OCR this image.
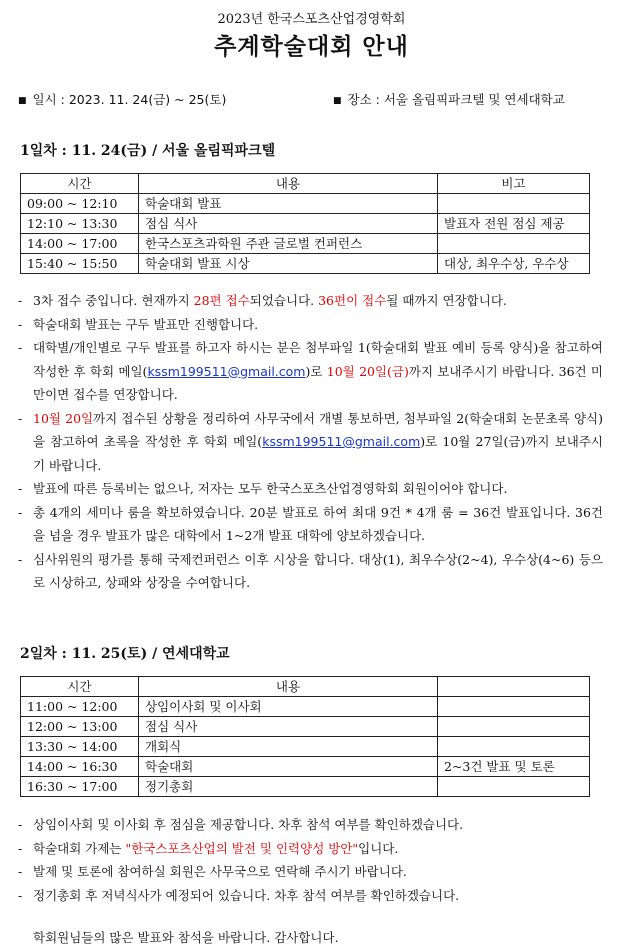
2023년 한국스포츠산업경영학회
추계학술대회 안내
■ 일시 : 2023. 11. 24(금) ~ 25(토)	■ 장소 : 서울 올림픽파크텔 및 연세대학교
1일차 : 11. 24(금) / 서울 올림픽파크텔
시간	내용	비고
09:00 ~ 12:10	학술대회 발표	
12:10 ~ 13:30	점심 식사	발표자 전원 점심 제공
14:00 ~ 17:00	한국스포츠과학원 주관 글로벌 컨퍼런스	
15:40 ~ 15:50	학술대회 발표 시상	대상, 최우수상, 우수상
- 3차 접수 중입니다. 현재까지 28편 접수되었습니다. 36편이 접수될 때까지 연장합니다.
- 학술대회 발표는 구두 발표만 진행합니다.
- 대학별/개인별로 구두 발표를 하고자 하시는 분은 첨부파일 1(학술대회 발표 예비 등록 양식)을 참고하여 작성한 후 학회 메일(kssm199511@gmail.com)로 10월 20일(금)까지 보내주시기 바랍니다. 36건 미만이면 접수를 연장합니다.
- 10월 20일까지 접수된 상황을 정리하여 사무국에서 개별 통보하면, 첨부파일 2(학술대회 논문초록 양식)을 참고하여 초록을 작성한 후 학회 메일(kssm199511@gmail.com)로 10월 27일(금)까지 보내주시기 바랍니다.
- 발표에 따른 등록비는 없으나, 저자는 모두 한국스포츠산업경영학회 회원이어야 합니다.
- 총 4개의 세미나 룸을 확보하였습니다. 20분 발표로 하여 최대 9건 * 4개 룸 = 36건 발표입니다. 36건을 넘을 경우 발표가 많은 대학에서 1~2개 발표 대학에 양보하겠습니다.
- 심사위원의 평가를 통해 국제컨퍼런스 이후 시상을 합니다. 대상(1), 최우수상(2~4), 우수상(4~6) 등으로 시상하고, 상패와 상장을 수여합니다.
2일차 : 11. 25(토) / 연세대학교
시간	내용	
11:00 ~ 12:00	상임이사회 및 이사회	
12:00 ~ 13:00	점심 식사	
13:30 ~ 14:00	개회식	
14:00 ~ 16:30	학술대회	2~3건 발표 및 토론
16:30 ~ 17:00	정기총회	
- 상임이사회 및 이사회 후 점심을 제공합니다. 차후 참석 여부를 확인하겠습니다.
- 학술대회 가제는 "한국스포츠산업의 발전 및 인력양성 방안"입니다.
- 발제 및 토론에 참여하실 회원은 사무국으로 연락해 주시기 바랍니다.
- 정기총회 후 저녁식사가 예정되어 있습니다. 차후 참석 여부를 확인하겠습니다.
학회원님들의 많은 발표와 참석을 바랍니다. 감사합니다.
